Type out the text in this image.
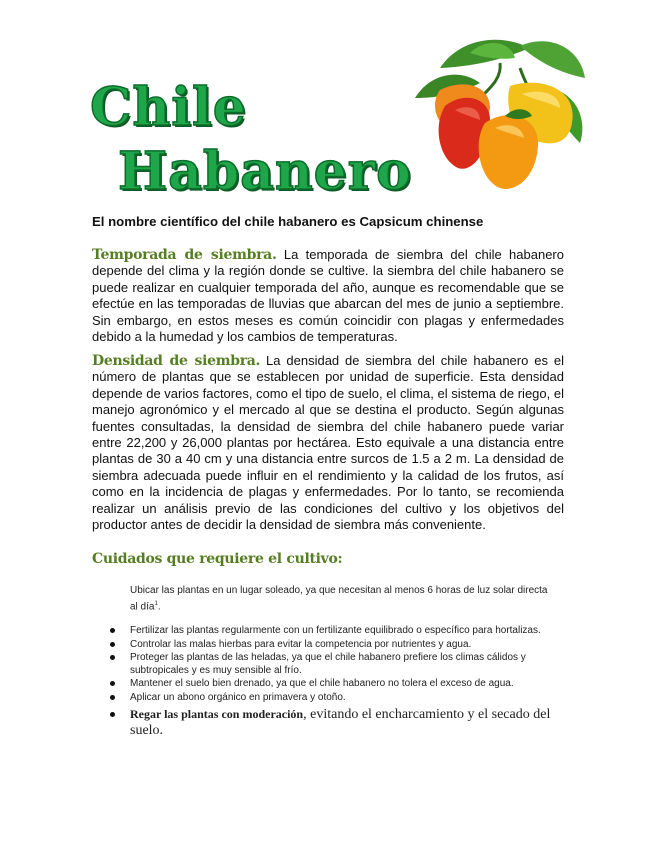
Chile
Habanero
El nombre científico del chile habanero es Capsicum chinense

Temporada de siembra. La temporada de siembra del chile habanero depende del clima y la región donde se cultive. la siembra del chile habanero se puede realizar en cualquier temporada del año, aunque es recomendable que se efectúe en las temporadas de lluvias que abarcan del mes de junio a septiembre. Sin embargo, en estos meses es común coincidir con plagas y enfermedades debido a la humedad y los cambios de temperaturas.

Densidad de siembra. La densidad de siembra del chile habanero es el número de plantas que se establecen por unidad de superficie. Esta densidad depende de varios factores, como el tipo de suelo, el clima, el sistema de riego, el manejo agronómico y el mercado al que se destina el producto. Según algunas fuentes consultadas, la densidad de siembra del chile habanero puede variar entre 22,200 y 26,000 plantas por hectárea. Esto equivale a una distancia entre plantas de 30 a 40 cm y una distancia entre surcos de 1.5 a 2 m. La densidad de siembra adecuada puede influir en el rendimiento y la calidad de los frutos, así como en la incidencia de plagas y enfermedades. Por lo tanto, se recomienda realizar un análisis previo de las condiciones del cultivo y los objetivos del productor antes de decidir la densidad de siembra más conveniente.

Cuidados que requiere el cultivo:

Ubicar las plantas en un lugar soleado, ya que necesitan al menos 6 horas de luz solar directa al día$^1$.

Fertilizar las plantas regularmente con un fertilizante equilibrado o específico para hortalizas.
Controlar las malas hierbas para evitar la competencia por nutrientes y agua.
Proteger las plantas de las heladas, ya que el chile habanero prefiere los climas cálidos y subtropicales y es muy sensible al frío.
Mantener el suelo bien drenado, ya que el chile habanero no tolera el exceso de agua.
Aplicar un abono orgánico en primavera y otoño.
Regar las plantas con moderación, evitando el encharcamiento y el secado del suelo.
